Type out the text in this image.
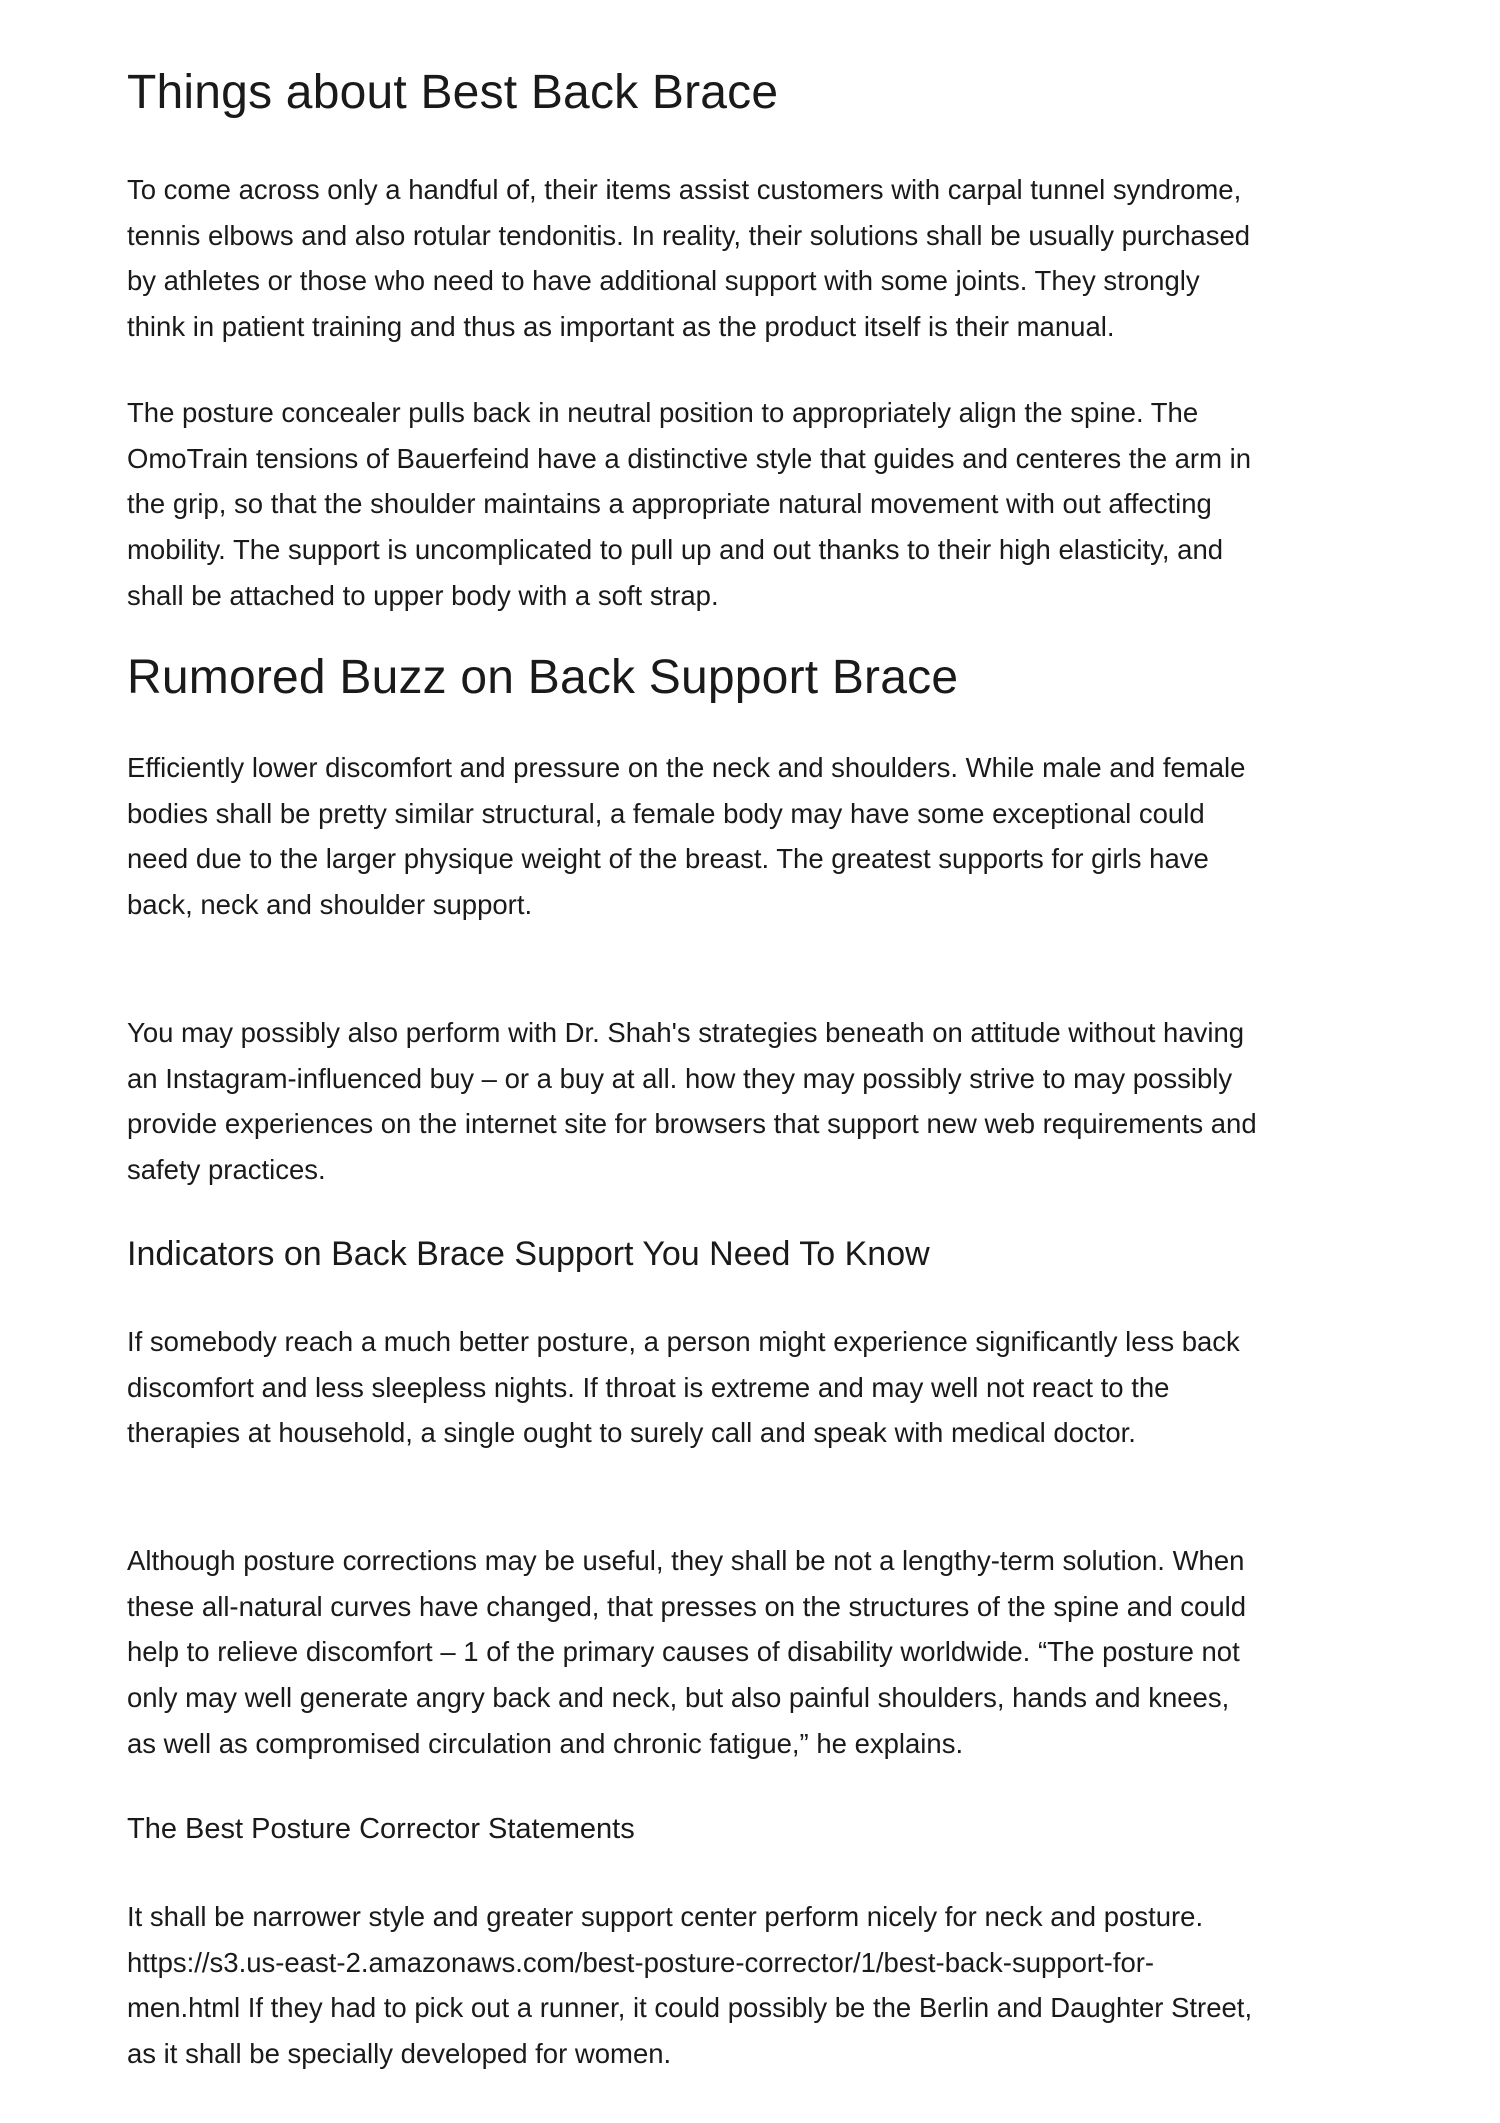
Things about Best Back Brace
To come across only a handful of, their items assist customers with carpal tunnel syndrome,
tennis elbows and also rotular tendonitis. In reality, their solutions shall be usually purchased
by athletes or those who need to have additional support with some joints. They strongly
think in patient training and thus as important as the product itself is their manual.
The posture concealer pulls back in neutral position to appropriately align the spine. The
OmoTrain tensions of Bauerfeind have a distinctive style that guides and centeres the arm in
the grip, so that the shoulder maintains a appropriate natural movement with out affecting
mobility. The support is uncomplicated to pull up and out thanks to their high elasticity, and
shall be attached to upper body with a soft strap.
Rumored Buzz on Back Support Brace
Efficiently lower discomfort and pressure on the neck and shoulders. While male and female
bodies shall be pretty similar structural, a female body may have some exceptional could
need due to the larger physique weight of the breast. The greatest supports for girls have
back, neck and shoulder support.
You may possibly also perform with Dr. Shah's strategies beneath on attitude without having
an Instagram-influenced buy – or a buy at all. how they may possibly strive to may possibly
provide experiences on the internet site for browsers that support new web requirements and
safety practices.
Indicators on Back Brace Support You Need To Know
If somebody reach a much better posture, a person might experience significantly less back
discomfort and less sleepless nights. If throat is extreme and may well not react to the
therapies at household, a single ought to surely call and speak with medical doctor.
Although posture corrections may be useful, they shall be not a lengthy-term solution. When
these all-natural curves have changed, that presses on the structures of the spine and could
help to relieve discomfort – 1 of the primary causes of disability worldwide. “The posture not
only may well generate angry back and neck, but also painful shoulders, hands and knees,
as well as compromised circulation and chronic fatigue,” he explains.
The Best Posture Corrector Statements
It shall be narrower style and greater support center perform nicely for neck and posture.
https://s3.us-east-2.amazonaws.com/best-posture-corrector/1/best-back-support-for-
men.html If they had to pick out a runner, it could possibly be the Berlin and Daughter Street,
as it shall be specially developed for women.
